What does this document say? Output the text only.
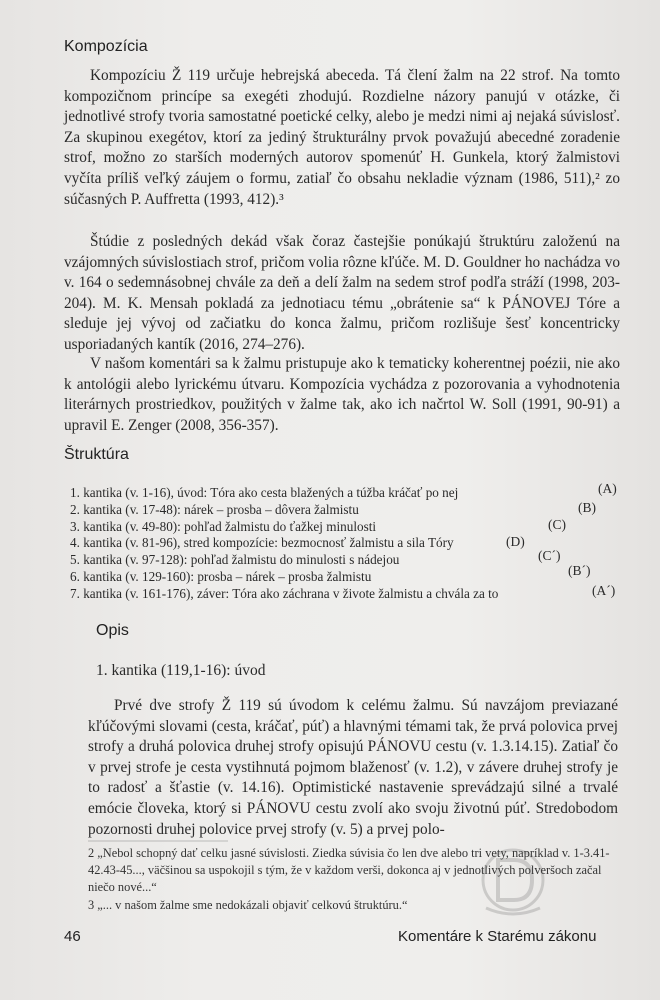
Kompozícia

Kompozíciu Ž 119 určuje hebrejská abeceda. Tá člení žalm na 22 strof. Na tomto kompozičnom princípe sa exegéti zhodujú. Rozdielne názory panujú v otázke, či jednotlivé strofy tvoria samostatné poetické celky, alebo je medzi nimi aj nejaká súvislosť. Za skupinou exegétov, ktorí za jediný štrukturálny prvok považujú abecedné zoradenie strof, možno zo starších moderných autorov spomenúť H. Gunkela, ktorý žalmistovi vyčíta príliš veľký záujem o formu, zatiaľ čo obsahu nekladie význam (1986, 511),² zo súčasných P. Auffretta (1993, 412).³

Štúdie z posledných dekád však čoraz častejšie ponúkajú štruktúru založenú na vzájomných súvislostiach strof, pričom volia rôzne kľúče. M. D. Gouldner ho nachádza vo v. 164 o sedemnásobnej chvále za deň a delí žalm na sedem strof podľa stráží (1998, 203-204). M. K. Mensah pokladá za jednotiacu tému „obrátenie sa“ k PÁNOVEJ Tóre a sleduje jej vývoj od začiatku do konca žalmu, pričom rozlišuje šesť koncentricky usporiadaných kantík (2016, 274–276).

V našom komentári sa k žalmu pristupuje ako k tematicky koherentnej poézii, nie ako k antológii alebo lyrickému útvaru. Kompozícia vychádza z pozorovania a vyhodnotenia literárnych prostriedkov, použitých v žalme tak, ako ich načrtol W. Soll (1991, 90-91) a upravil E. Zenger (2008, 356-357).

Štruktúra
1. kantika (v. 1-16), úvod: Tóra ako cesta blažených a túžba kráčať po nej	(A)
2. kantika (v. 17-48): nárek – prosba – dôvera žalmistu	(B)
3. kantika (v. 49-80): pohľad žalmistu do ťažkej minulosti	(C)
4. kantika (v. 81-96), stred kompozície: bezmocnosť žalmistu a sila Tóry	(D)
5. kantika (v. 97-128): pohľad žalmistu do minulosti s nádejou	(C´)
6. kantika (v. 129-160): prosba – nárek – prosba žalmistu	(B´)
7. kantika (v. 161-176), záver: Tóra ako záchrana v živote žalmistu a chvála za to	(A´)
Opis

1. kantika (119,1-16): úvod

Prvé dve strofy Ž 119 sú úvodom k celému žalmu. Sú navzájom previazané kľúčovými slovami (cesta, kráčať, púť) a hlavnými témami tak, že prvá polovica prvej strofy a druhá polovica druhej strofy opisujú PÁNOVU cestu (v. 1.3.14.15). Zatiaľ čo v prvej strofe je cesta vystihnutá pojmom blaženosť (v. 1.2), v závere druhej strofy je to radosť a šťastie (v. 14.16). Optimistické nastavenie sprevádzajú silné a trvalé emócie človeka, ktorý si PÁNOVU cestu zvolí ako svoju životnú púť. Stredobodom pozornosti druhej polovice prvej strofy (v. 5) a prvej polo-

2 „Nebol schopný dať celku jasné súvislosti. Ziedka súvisia čo len dve alebo tri vety, napríklad v. 1-3.41-42.43-45..., väčšinou sa uspokojil s tým, že v každom verši, dokonca aj v jednotlivých polveršoch začal niečo nové...“
3 „... v našom žalme sme nedokázali objaviť celkovú štruktúru.“
46	Komentáre k Starému zákonu
